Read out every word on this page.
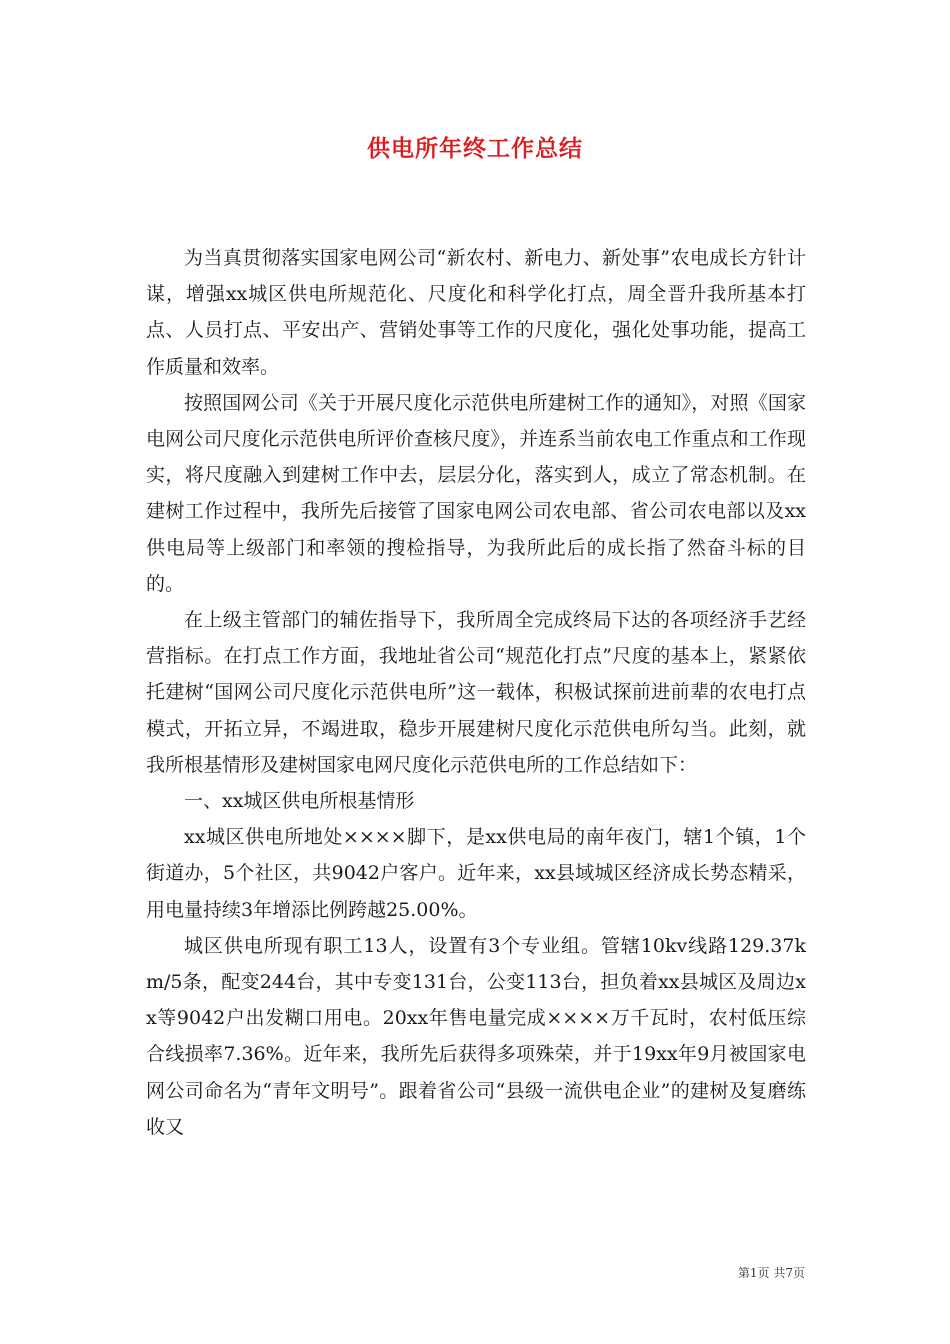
供电所年终工作总结

为当真贯彻落实国家电网公司“新农村、新电力、新处事”农电成长方针计谋，增强xx城区供电所规范化、尺度化和科学化打点，周全晋升我所基本打点、人员打点、平安出产、营销处事等工作的尺度化，强化处事功能，提高工作质量和效率。

按照国网公司《关于开展尺度化示范供电所建树工作的通知》，对照《国家电网公司尺度化示范供电所评价查核尺度》，并连系当前农电工作重点和工作现实，将尺度融入到建树工作中去，层层分化，落实到人，成立了常态机制。在建树工作过程中，我所先后接管了国家电网公司农电部、省公司农电部以及xx供电局等上级部门和率领的搜检指导，为我所此后的成长指了然奋斗标的目的。

在上级主管部门的辅佐指导下，我所周全完成终局下达的各项经济手艺经营指标。在打点工作方面，我地址省公司“规范化打点”尺度的基本上，紧紧依托建树“国网公司尺度化示范供电所”这一载体，积极试探前进前辈的农电打点模式，开拓立异，不竭进取，稳步开展建树尺度化示范供电所勾当。此刻，就我所根基情形及建树国家电网尺度化示范供电所的工作总结如下：

一、xx城区供电所根基情形

xx城区供电所地处××××脚下，是xx供电局的南年夜门，辖1个镇，1个街道办，5个社区，共9042户客户。近年来，xx县域城区经济成长势态精采，用电量持续3年增添比例跨越25.00%。

城区供电所现有职工13人，设置有3个专业组。管辖10kv线路129.37km/5条，配变244台，其中专变131台，公变113台，担负着xx县城区及周边xx等9042户出发糊口用电。20xx年售电量完成××××万千瓦时，农村低压综合线损率7.36%。近年来，我所先后获得多项殊荣，并于19xx年9月被国家电网公司命名为“青年文明号”。跟着省公司“县级一流供电企业”的建树及复磨练收又

第1页 共7页
